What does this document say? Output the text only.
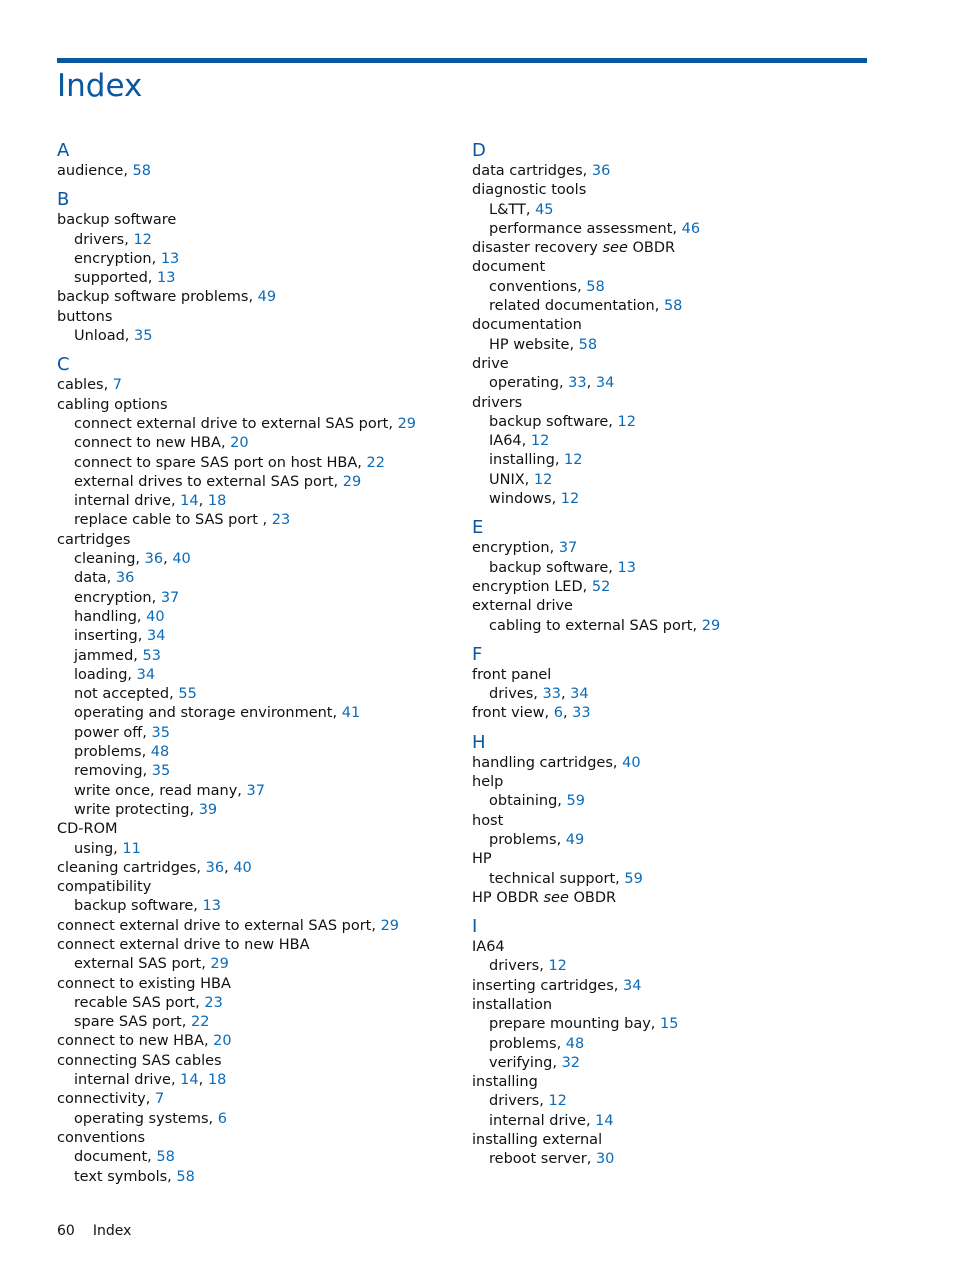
Index
A
audience, 58
B
backup software
drivers, 12
encryption, 13
supported, 13
backup software problems, 49
buttons
Unload, 35
C
cables, 7
cabling options
connect external drive to external SAS port, 29
connect to new HBA, 20
connect to spare SAS port on host HBA, 22
external drives to external SAS port, 29
internal drive, 14, 18
replace cable to SAS port , 23
cartridges
cleaning, 36, 40
data, 36
encryption, 37
handling, 40
inserting, 34
jammed, 53
loading, 34
not accepted, 55
operating and storage environment, 41
power off, 35
problems, 48
removing, 35
write once, read many, 37
write protecting, 39
CD-ROM
using, 11
cleaning cartridges, 36, 40
compatibility
backup software, 13
connect external drive to external SAS port, 29
connect external drive to new HBA
external SAS port, 29
connect to existing HBA
recable SAS port, 23
spare SAS port, 22
connect to new HBA, 20
connecting SAS cables
internal drive, 14, 18
connectivity, 7
operating systems, 6
conventions
document, 58
text symbols, 58
D
data cartridges, 36
diagnostic tools
L&TT, 45
performance assessment, 46
disaster recovery see OBDR
document
conventions, 58
related documentation, 58
documentation
HP website, 58
drive
operating, 33, 34
drivers
backup software, 12
IA64, 12
installing, 12
UNIX, 12
windows, 12
E
encryption, 37
backup software, 13
encryption LED, 52
external drive
cabling to external SAS port, 29
F
front panel
drives, 33, 34
front view, 6, 33
H
handling cartridges, 40
help
obtaining, 59
host
problems, 49
HP
technical support, 59
HP OBDR see OBDR
I
IA64
drivers, 12
inserting cartridges, 34
installation
prepare mounting bay, 15
problems, 48
verifying, 32
installing
drivers, 12
internal drive, 14
installing external
reboot server, 30
60 Index
